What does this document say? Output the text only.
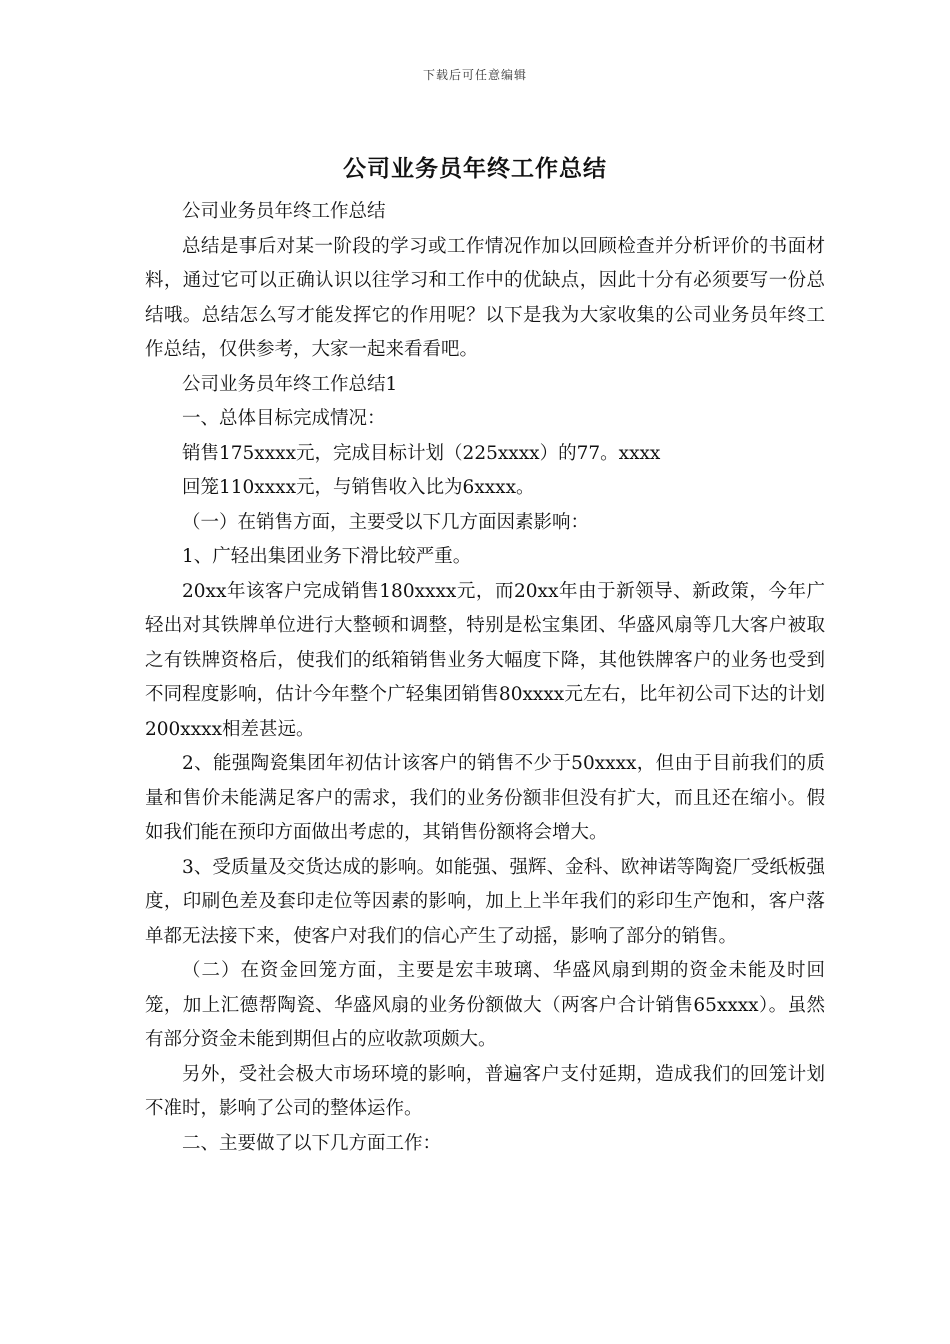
下载后可任意编辑
公司业务员年终工作总结

公司业务员年终工作总结

总结是事后对某一阶段的学习或工作情况作加以回顾检查并分析评价的书面材料，通过它可以正确认识以往学习和工作中的优缺点，因此十分有必须要写一份总结哦。总结怎么写才能发挥它的作用呢？以下是我为大家收集的公司业务员年终工作总结，仅供参考，大家一起来看看吧。

公司业务员年终工作总结1

一、总体目标完成情况：

销售175xxxx元，完成目标计划（225xxxx）的77。xxxx

回笼110xxxx元，与销售收入比为6xxxx。

（一）在销售方面，主要受以下几方面因素影响：

1、广轻出集团业务下滑比较严重。

20xx年该客户完成销售180xxxx元，而20xx年由于新领导、新政策，今年广轻出对其铁牌单位进行大整顿和调整，特别是松宝集团、华盛风扇等几大客户被取之有铁牌资格后，使我们的纸箱销售业务大幅度下降，其他铁牌客户的业务也受到不同程度影响，估计今年整个广轻集团销售80xxxx元左右，比年初公司下达的计划200xxxx相差甚远。

2、能强陶瓷集团年初估计该客户的销售不少于50xxxx，但由于目前我们的质量和售价未能满足客户的需求，我们的业务份额非但没有扩大，而且还在缩小。假如我们能在预印方面做出考虑的，其销售份额将会增大。

3、受质量及交货达成的影响。如能强、强辉、金科、欧神诺等陶瓷厂受纸板强度，印刷色差及套印走位等因素的影响，加上上半年我们的彩印生产饱和，客户落单都无法接下来，使客户对我们的信心产生了动摇，影响了部分的销售。

（二）在资金回笼方面，主要是宏丰玻璃、华盛风扇到期的资金未能及时回笼，加上汇德帮陶瓷、华盛风扇的业务份额做大（两客户合计销售65xxxx）。虽然有部分资金未能到期但占的应收款项颇大。

另外，受社会极大市场环境的影响，普遍客户支付延期，造成我们的回笼计划不准时，影响了公司的整体运作。

二、主要做了以下几方面工作：
